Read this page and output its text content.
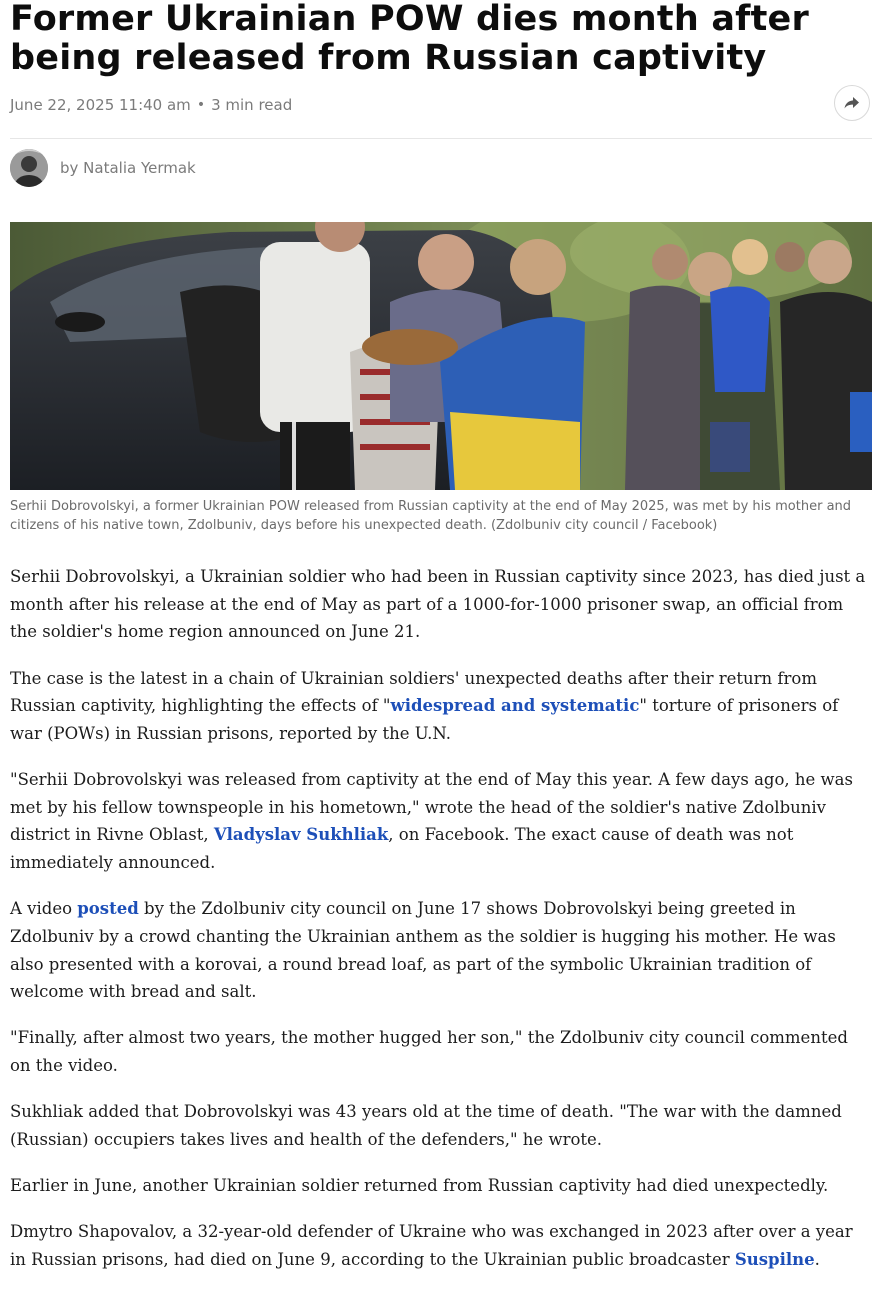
Former Ukrainian POW dies month after being released from Russian captivity
June 22, 2025 11:40 am • 3 min read
by Natalia Yermak

Serhii Dobrovolskyi, a former Ukrainian POW released from Russian captivity at the end of May 2025, was met by his mother and citizens of his native town, Zdolbuniv, days before his unexpected death. (Zdolbuniv city council / Facebook)

Serhii Dobrovolskyi, a Ukrainian soldier who had been in Russian captivity since 2023, has died just a month after his release at the end of May as part of a 1000-for-1000 prisoner swap, an official from the soldier's home region announced on June 21.

The case is the latest in a chain of Ukrainian soldiers' unexpected deaths after their return from Russian captivity, highlighting the effects of "widespread and systematic" torture of prisoners of war (POWs) in Russian prisons, reported by the U.N.

"Serhii Dobrovolskyi was released from captivity at the end of May this year. A few days ago, he was met by his fellow townspeople in his hometown," wrote the head of the soldier's native Zdolbuniv district in Rivne Oblast, Vladyslav Sukhliak, on Facebook. The exact cause of death was not immediately announced.

A video posted by the Zdolbuniv city council on June 17 shows Dobrovolskyi being greeted in Zdolbuniv by a crowd chanting the Ukrainian anthem as the soldier is hugging his mother. He was also presented with a korovai, a round bread loaf, as part of the symbolic Ukrainian tradition of welcome with bread and salt.

"Finally, after almost two years, the mother hugged her son," the Zdolbuniv city council commented on the video.

Sukhliak added that Dobrovolskyi was 43 years old at the time of death. "The war with the damned (Russian) occupiers takes lives and health of the defenders," he wrote.

Earlier in June, another Ukrainian soldier returned from Russian captivity had died unexpectedly.

Dmytro Shapovalov, a 32-year-old defender of Ukraine who was exchanged in 2023 after over a year in Russian prisons, had died on June 9, according to the Ukrainian public broadcaster Suspilne.
